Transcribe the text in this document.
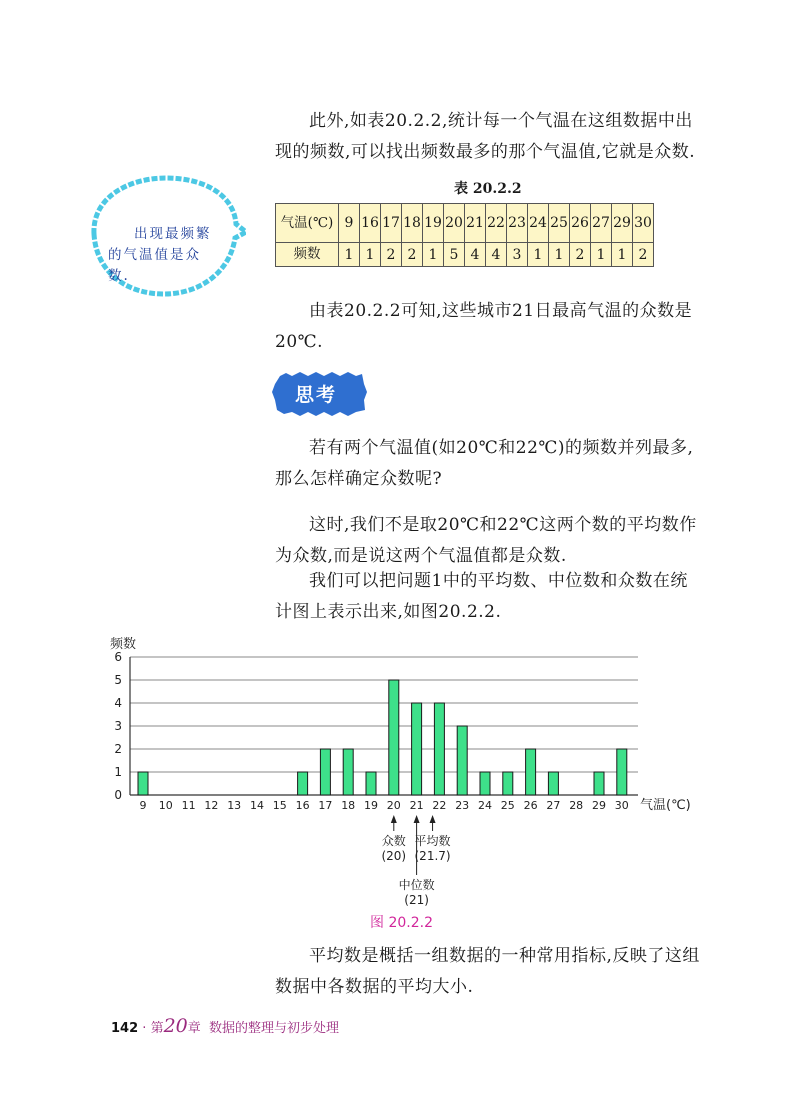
此外,如表20.2.2,统计每一个气温在这组数据中出现的频数,可以找出频数最多的那个气温值,它就是众数.

出现最频繁的气温值是众数.

表 20.2.2

气温(℃)	9	16	17	18	19	20	21	22	23	24	25	26	27	29	30
频数	1	1	2	2	1	5	4	4	3	1	1	2	1	1	2

由表20.2.2可知,这些城市21日最高气温的众数是20℃.

思考

若有两个气温值(如20℃和22℃)的频数并列最多,那么怎样确定众数呢?

这时,我们不是取20℃和22℃这两个数的平均数作为众数,而是说这两个气温值都是众数.

我们可以把问题1中的平均数、中位数和众数在统计图上表示出来,如图20.2.2.

频数
0
1
2
3
4
5
6
9 10 11 12 13 14 15 16 17 18 19 20 21 22 23 24 25 26 27 28 29 30 气温(℃)
众数
(20)
中位数
(21)
平均数
(21.7)

图 20.2.2

平均数是概括一组数据的一种常用指标,反映了这组数据中各数据的平均大小.

142 · 第20章 数据的整理与初步处理
